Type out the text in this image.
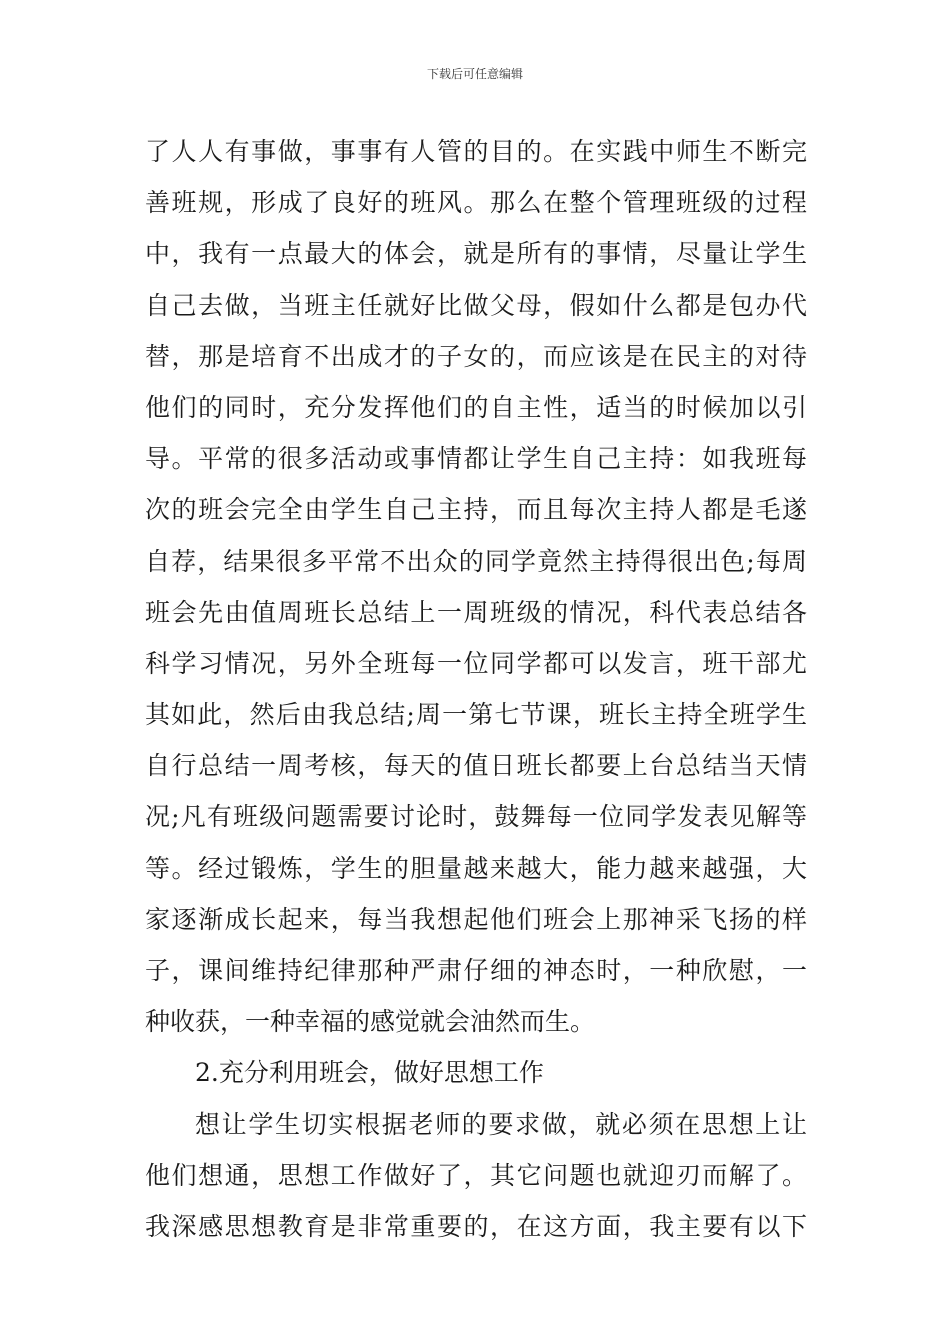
下载后可任意编辑
了人人有事做，事事有人管的目的。在实践中师生不断完
善班规，形成了良好的班风。那么在整个管理班级的过程
中，我有一点最大的体会，就是所有的事情，尽量让学生
自己去做，当班主任就好比做父母，假如什么都是包办代
替，那是培育不出成才的子女的，而应该是在民主的对待
他们的同时，充分发挥他们的自主性，适当的时候加以引
导。平常的很多活动或事情都让学生自己主持：如我班每
次的班会完全由学生自己主持，而且每次主持人都是毛遂
自荐，结果很多平常不出众的同学竟然主持得很出色;每周
班会先由值周班长总结上一周班级的情况，科代表总结各
科学习情况，另外全班每一位同学都可以发言，班干部尤
其如此，然后由我总结;周一第七节课，班长主持全班学生
自行总结一周考核，每天的值日班长都要上台总结当天情
况;凡有班级问题需要讨论时，鼓舞每一位同学发表见解等
等。经过锻炼，学生的胆量越来越大，能力越来越强，大
家逐渐成长起来，每当我想起他们班会上那神采飞扬的样
子，课间维持纪律那种严肃仔细的神态时，一种欣慰，一
种收获，一种幸福的感觉就会油然而生。
2.充分利用班会，做好思想工作
想让学生切实根据老师的要求做，就必须在思想上让
他们想通，思想工作做好了，其它问题也就迎刃而解了。
我深感思想教育是非常重要的，在这方面，我主要有以下
